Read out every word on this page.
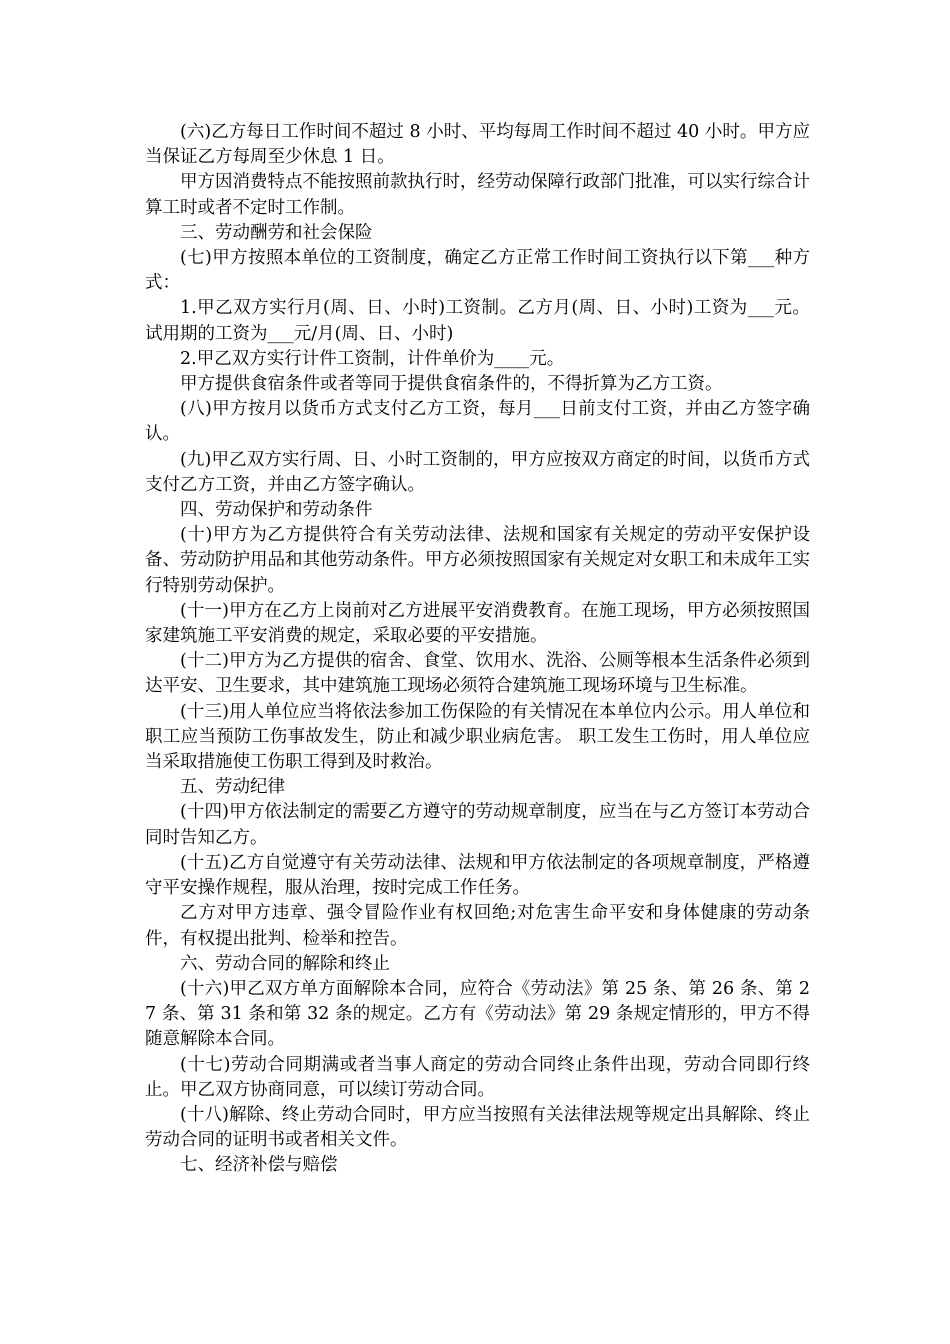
(六)乙方每日工作时间不超过 8 小时、平均每周工作时间不超过 40 小时。甲方应当保证乙方每周至少休息 1 日。

甲方因消费特点不能按照前款执行时，经劳动保障行政部门批准，可以实行综合计算工时或者不定时工作制。

三、劳动酬劳和社会保险

(七)甲方按照本单位的工资制度，确定乙方正常工作时间工资执行以下第___种方式：

1.甲乙双方实行月(周、日、小时)工资制。乙方月(周、日、小时)工资为___元。试用期的工资为___元/月(周、日、小时)

2.甲乙双方实行计件工资制，计件单价为____元。

甲方提供食宿条件或者等同于提供食宿条件的，不得折算为乙方工资。

(八)甲方按月以货币方式支付乙方工资，每月___日前支付工资，并由乙方签字确认。

(九)甲乙双方实行周、日、小时工资制的，甲方应按双方商定的时间，以货币方式支付乙方工资，并由乙方签字确认。

四、劳动保护和劳动条件

(十)甲方为乙方提供符合有关劳动法律、法规和国家有关规定的劳动平安保护设备、劳动防护用品和其他劳动条件。甲方必须按照国家有关规定对女职工和未成年工实行特别劳动保护。

(十一)甲方在乙方上岗前对乙方进展平安消费教育。在施工现场，甲方必须按照国家建筑施工平安消费的规定，采取必要的平安措施。

(十二)甲方为乙方提供的宿舍、食堂、饮用水、洗浴、公厕等根本生活条件必须到达平安、卫生要求，其中建筑施工现场必须符合建筑施工现场环境与卫生标准。

(十三)用人单位应当将依法参加工伤保险的有关情况在本单位内公示。用人单位和职工应当预防工伤事故发生，防止和减少职业病危害。 职工发生工伤时，用人单位应当采取措施使工伤职工得到及时救治。

五、劳动纪律

(十四)甲方依法制定的需要乙方遵守的劳动规章制度，应当在与乙方签订本劳动合同时告知乙方。

(十五)乙方自觉遵守有关劳动法律、法规和甲方依法制定的各项规章制度，严格遵守平安操作规程，服从治理，按时完成工作任务。

乙方对甲方违章、强令冒险作业有权回绝;对危害生命平安和身体健康的劳动条件，有权提出批判、检举和控告。

六、劳动合同的解除和终止

(十六)甲乙双方单方面解除本合同，应符合《劳动法》第 25 条、第 26 条、第 27 条、第 31 条和第 32 条的规定。乙方有《劳动法》第 29 条规定情形的，甲方不得随意解除本合同。

(十七)劳动合同期满或者当事人商定的劳动合同终止条件出现，劳动合同即行终止。甲乙双方协商同意，可以续订劳动合同。

(十八)解除、终止劳动合同时，甲方应当按照有关法律法规等规定出具解除、终止劳动合同的证明书或者相关文件。

七、经济补偿与赔偿
